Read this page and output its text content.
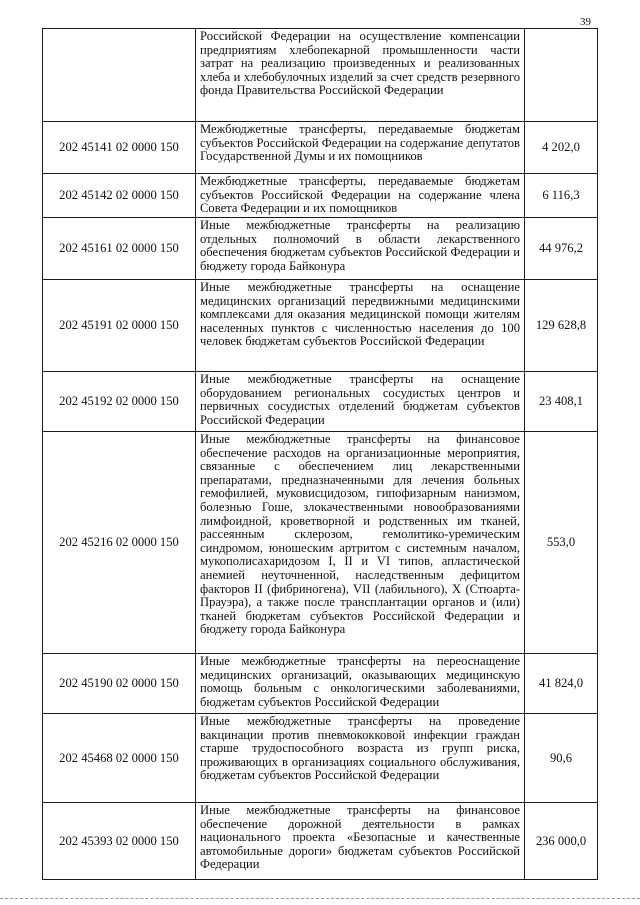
39
	Российской Федерации на осуществление компенсации предприятиям хлебопекарной промышленности части затрат на реализацию произведенных и реализованных хлеба и хлебобулочных изделий за счет средств резервного фонда Правительства Российской Федерации	
202 45141 02 0000 150	Межбюджетные трансферты, передаваемые бюджетам субъектов Российской Федерации на содержание депутатов Государственной Думы и их помощников	4 202,0
202 45142 02 0000 150	Межбюджетные трансферты, передаваемые бюджетам субъектов Российской Федерации на содержание члена Совета Федерации и их помощников	6 116,3
202 45161 02 0000 150	Иные межбюджетные трансферты на реализацию отдельных полномочий в области лекарственного обеспечения бюджетам субъектов Российской Федерации и бюджету города Байконура	44 976,2
202 45191 02 0000 150	Иные межбюджетные трансферты на оснащение медицинских организаций передвижными медицинскими комплексами для оказания медицинской помощи жителям населенных пунктов с численностью населения до 100 человек бюджетам субъектов Российской Федерации	129 628,8
202 45192 02 0000 150	Иные межбюджетные трансферты на оснащение оборудованием региональных сосудистых центров и первичных сосудистых отделений бюджетам субъектов Российской Федерации	23 408,1
202 45216 02 0000 150	Иные межбюджетные трансферты на финансовое обеспечение расходов на организационные мероприятия, связанные с обеспечением лиц лекарственными препаратами, предназначенными для лечения больных гемофилией, муковисцидозом, гипофизарным нанизмом, болезнью Гоше, злокачественными новообразованиями лимфоидной, кроветворной и родственных им тканей, рассеянным склерозом, гемолитико-уремическим синдромом, юношеским артритом с системным началом, мукополисахаридозом I, II и VI типов, апластической анемией неуточненной, наследственным дефицитом факторов II (фибриногена), VII (лабильного), X (Стюарта-Прауэра), а также после трансплантации органов и (или) тканей бюджетам субъектов Российской Федерации и бюджету города Байконура	553,0
202 45190 02 0000 150	Иные межбюджетные трансферты на переоснащение медицинских организаций, оказывающих медицинскую помощь больным с онкологическими заболеваниями, бюджетам субъектов Российской Федерации	41 824,0
202 45468 02 0000 150	Иные межбюджетные трансферты на проведение вакцинации против пневмококковой инфекции граждан старше трудоспособного возраста из групп риска, проживающих в организациях социального обслуживания, бюджетам субъектов Российской Федерации	90,6
202 45393 02 0000 150	Иные межбюджетные трансферты на финансовое обеспечение дорожной деятельности в рамках национального проекта «Безопасные и качественные автомобильные дороги» бюджетам субъектов Российской Федерации	236 000,0
